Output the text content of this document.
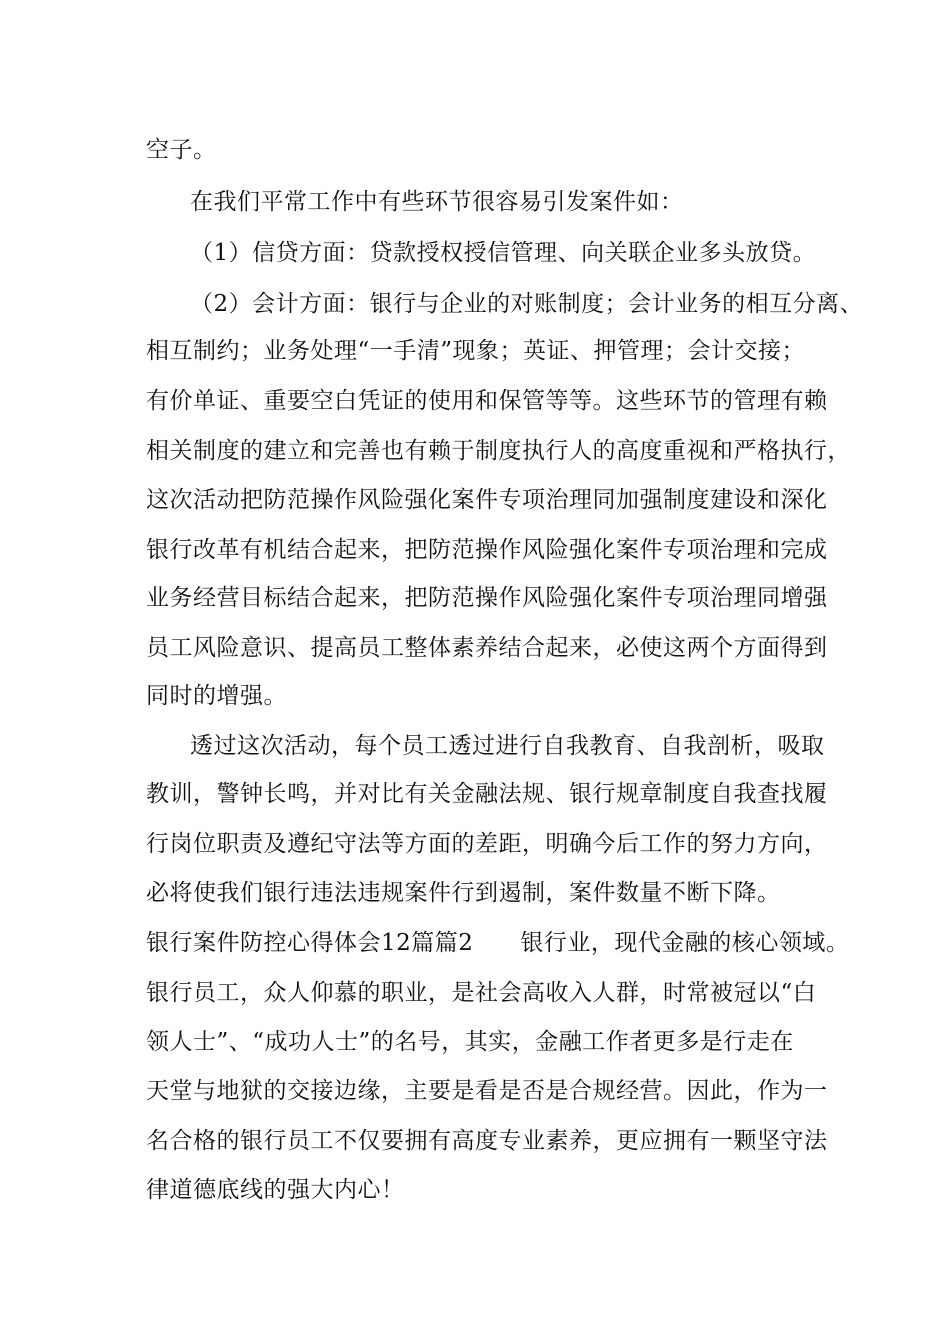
空子。
在我们平常工作中有些环节很容易引发案件如：
（1）信贷方面：贷款授权授信管理、向关联企业多头放贷。
（2）会计方面：银行与企业的对账制度；会计业务的相互分离、
相互制约；业务处理“一手清”现象；英证、押管理；会计交接；
有价单证、重要空白凭证的使用和保管等等。这些环节的管理有赖
相关制度的建立和完善也有赖于制度执行人的高度重视和严格执行，
这次活动把防范操作风险强化案件专项治理同加强制度建设和深化
银行改革有机结合起来，把防范操作风险强化案件专项治理和完成
业务经营目标结合起来，把防范操作风险强化案件专项治理同增强
员工风险意识、提高员工整体素养结合起来，必使这两个方面得到
同时的增强。
透过这次活动，每个员工透过进行自我教育、自我剖析，吸取
教训，警钟长鸣，并对比有关金融法规、银行规章制度自我查找履
行岗位职责及遵纪守法等方面的差距，明确今后工作的努力方向，
必将使我们银行违法违规案件行到遏制，案件数量不断下降。
银行案件防控心得体会12篇篇2　　银行业，现代金融的核心领域。
银行员工，众人仰慕的职业，是社会高收入人群，时常被冠以“白
领人士”、“成功人士”的名号，其实，金融工作者更多是行走在
天堂与地狱的交接边缘，主要是看是否是合规经营。因此，作为一
名合格的银行员工不仅要拥有高度专业素养，更应拥有一颗坚守法
律道德底线的强大内心！
